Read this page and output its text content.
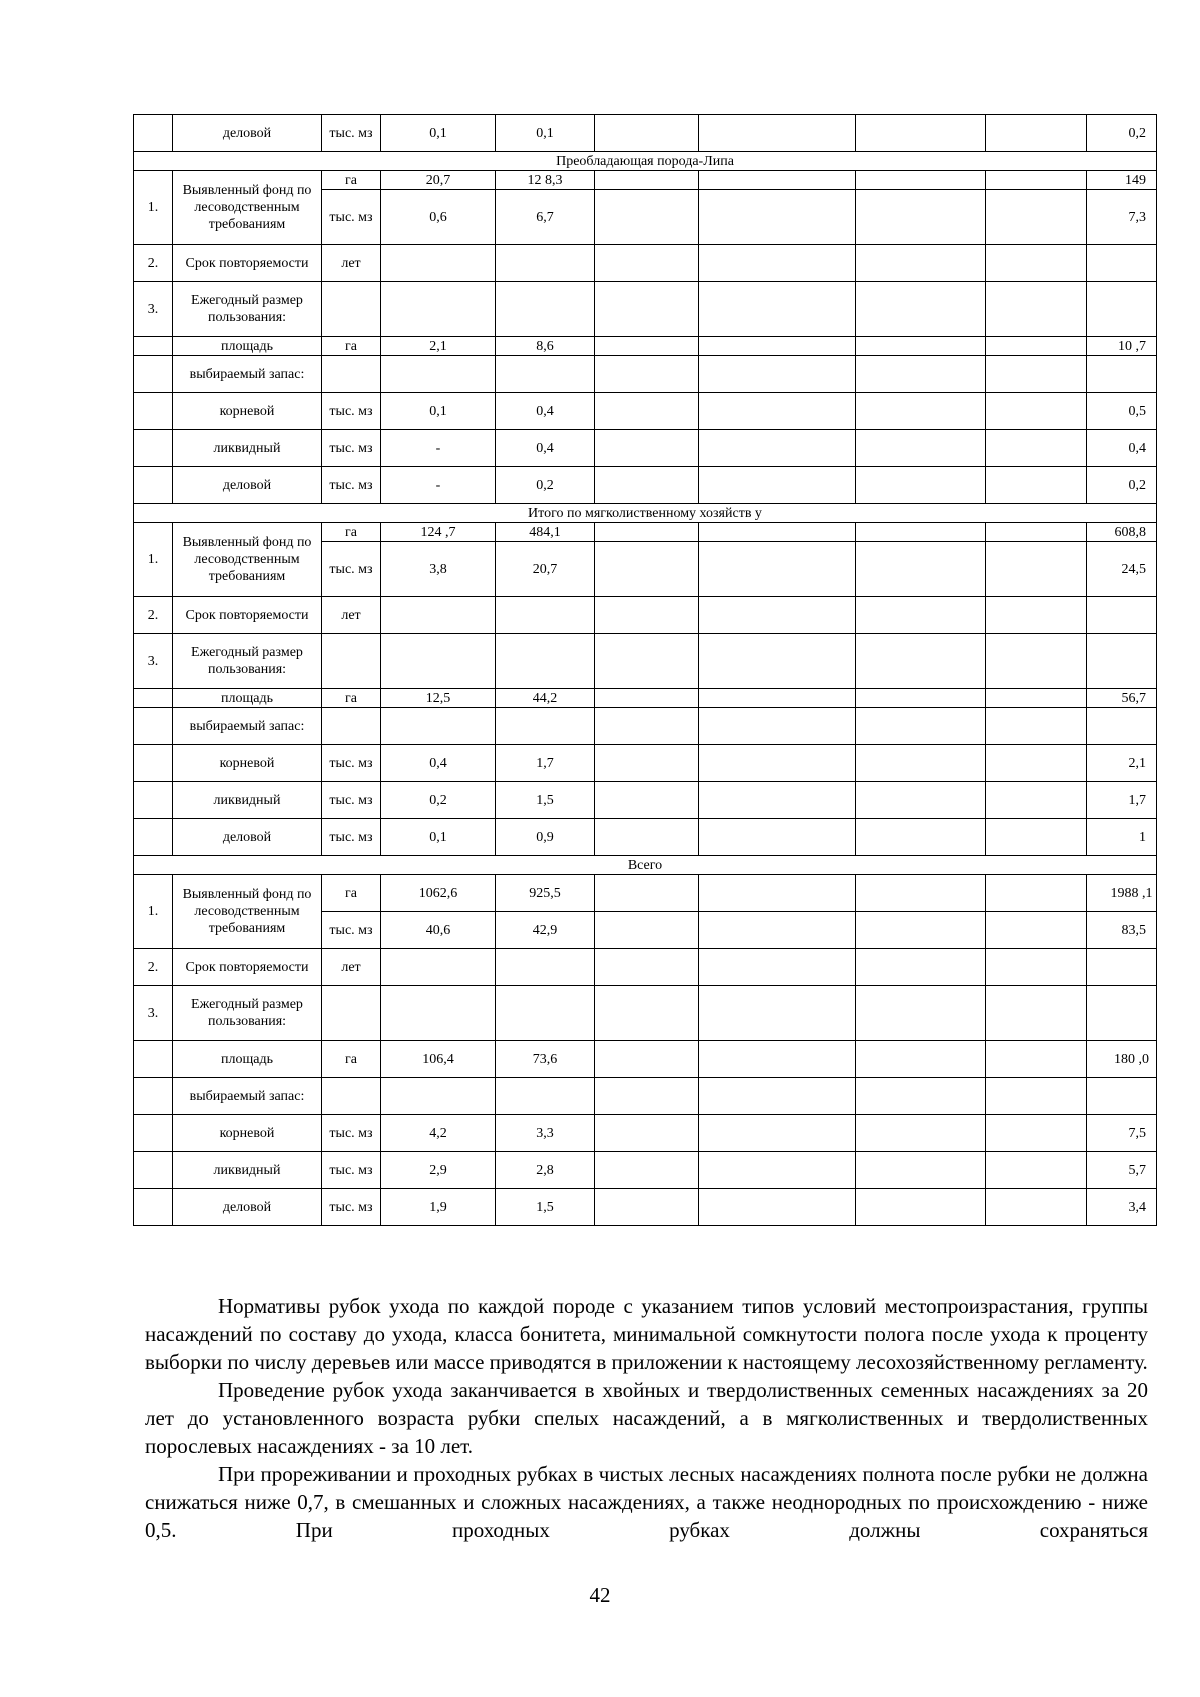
	деловой	тыс. мз	0,1	0,1					0,2
Преобладающая порода-Липа									
1.	Выявленный фонд по лесоводственным требованиям	га	20,7	12 8,3					149
		тыс. мз	0,6	6,7					7,3
2.	Срок повторяемости	лет							
3.	Ежегодный размер пользования:								
	площадь	га	2,1	8,6					10 ,7
	выбираемый запас:								
	корневой	тыс. мз	0,1	0,4					0,5
	ликвидный	тыс. мз	-	0,4					0,4
	деловой	тыс. мз	-	0,2					0,2
Итого по мягколиственному хозяйств у									
1.	Выявленный фонд по лесоводственным требованиям	га	124 ,7	484,1					608,8
		тыс. мз	3,8	20,7					24,5
2.	Срок повторяемости	лет							
3.	Ежегодный размер пользования:								
	площадь	га	12,5	44,2					56,7
	выбираемый запас:								
	корневой	тыс. мз	0,4	1,7					2,1
	ликвидный	тыс. мз	0,2	1,5					1,7
	деловой	тыс. мз	0,1	0,9					1
Всего									
1.	Выявленный фонд по лесоводственным требованиям	га	1062,6	925,5					1988 ,1
		тыс. мз	40,6	42,9					83,5
2.	Срок повторяемости	лет							
3.	Ежегодный размер пользования:								
	площадь	га	106,4	73,6					180 ,0
	выбираемый запас:								
	корневой	тыс. мз	4,2	3,3					7,5
	ликвидный	тыс. мз	2,9	2,8					5,7
	деловой	тыс. мз	1,9	1,5					3,4

Нормативы рубок ухода по каждой породе с указанием типов условий местопроизрастания, группы насаждений по составу до ухода, класса бонитета, минимальной сомкнутости полога после ухода к проценту выборки по числу деревьев или массе приводятся в приложении к настоящему лесохозяйственному регламенту.

Проведение рубок ухода заканчивается в хвойных и твердолиственных семенных насаждениях за 20 лет до установленного возраста рубки спелых насаждений, а в мягколиственных и твердолиственных порослевых насаждениях - за 10 лет.

При прореживании и проходных рубках в чистых лесных насаждениях полнота после рубки не должна снижаться ниже 0,7, в смешанных и сложных насаждениях, а также неоднородных по происхождению - ниже 0,5. При проходных рубках должны сохраняться

42
